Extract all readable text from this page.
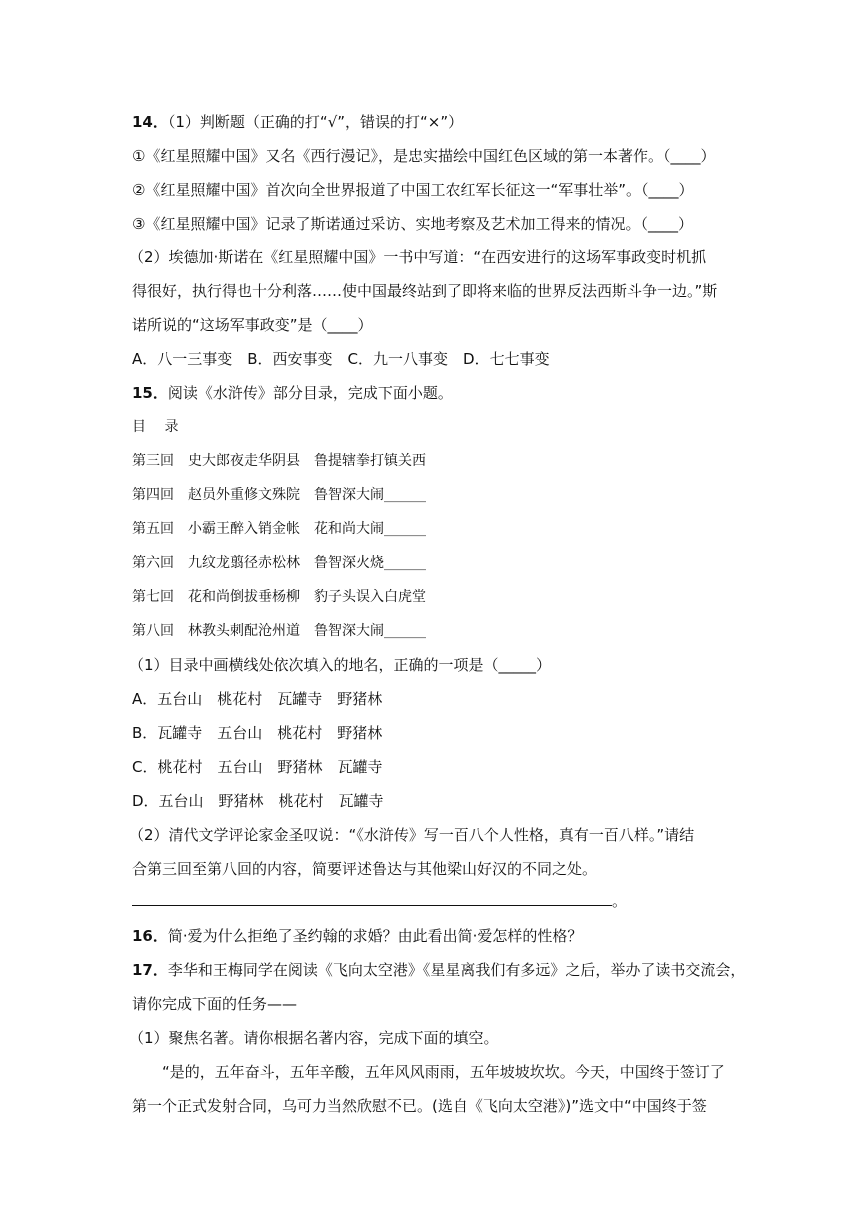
14．（1）判断题（正确的打“√”，错误的打“×”）
①《红星照耀中国》又名《西行漫记》，是忠实描绘中国红色区域的第一本著作。（____）
②《红星照耀中国》首次向全世界报道了中国工农红军长征这一“军事壮举”。（____）
③《红星照耀中国》记录了斯诺通过采访、实地考察及艺术加工得来的情况。（____）
（2）埃德加·斯诺在《红星照耀中国》一书中写道：“在西安进行的这场军事政变时机抓
得很好，执行得也十分利落……使中国最终站到了即将来临的世界反法西斯斗争一边。”斯
诺所说的“这场军事政变”是（____）
A．八一三事变　B．西安事变　C．九一八事变　D．七七事变
15．阅读《水浒传》部分目录，完成下面小题。
目　 录
第三回　史大郎夜走华阴县　鲁提辖拳打镇关西
第四回　赵员外重修文殊院　鲁智深大闹______
第五回　小霸王醉入销金帐　花和尚大闹______
第六回　九纹龙翦径赤松林　鲁智深火烧______
第七回　花和尚倒拔垂杨柳　豹子头误入白虎堂
第八回　林教头刺配沧州道　鲁智深大闹______
（1）目录中画横线处依次填入的地名，正确的一项是（_____）
A．五台山　桃花村　瓦罐寺　野猪林
B．瓦罐寺　五台山　桃花村　野猪林
C．桃花村　五台山　野猪林　瓦罐寺
D．五台山　野猪林　桃花村　瓦罐寺
（2）清代文学评论家金圣叹说：“《水浒传》写一百八个人性格，真有一百八样。”请结
合第三回至第八回的内容，简要评述鲁达与其他梁山好汉的不同之处。
。
16．简·爱为什么拒绝了圣约翰的求婚？由此看出简·爱怎样的性格？
17．李华和王梅同学在阅读《飞向太空港》《星星离我们有多远》之后，举办了读书交流会，
请你完成下面的任务——
（1）聚焦名著。请你根据名著内容，完成下面的填空。
“是的，五年奋斗，五年辛酸，五年风风雨雨，五年坡坡坎坎。今天，中国终于签订了
第一个正式发射合同，乌可力当然欣慰不已。(选自《飞向太空港》)”选文中“中国终于签
